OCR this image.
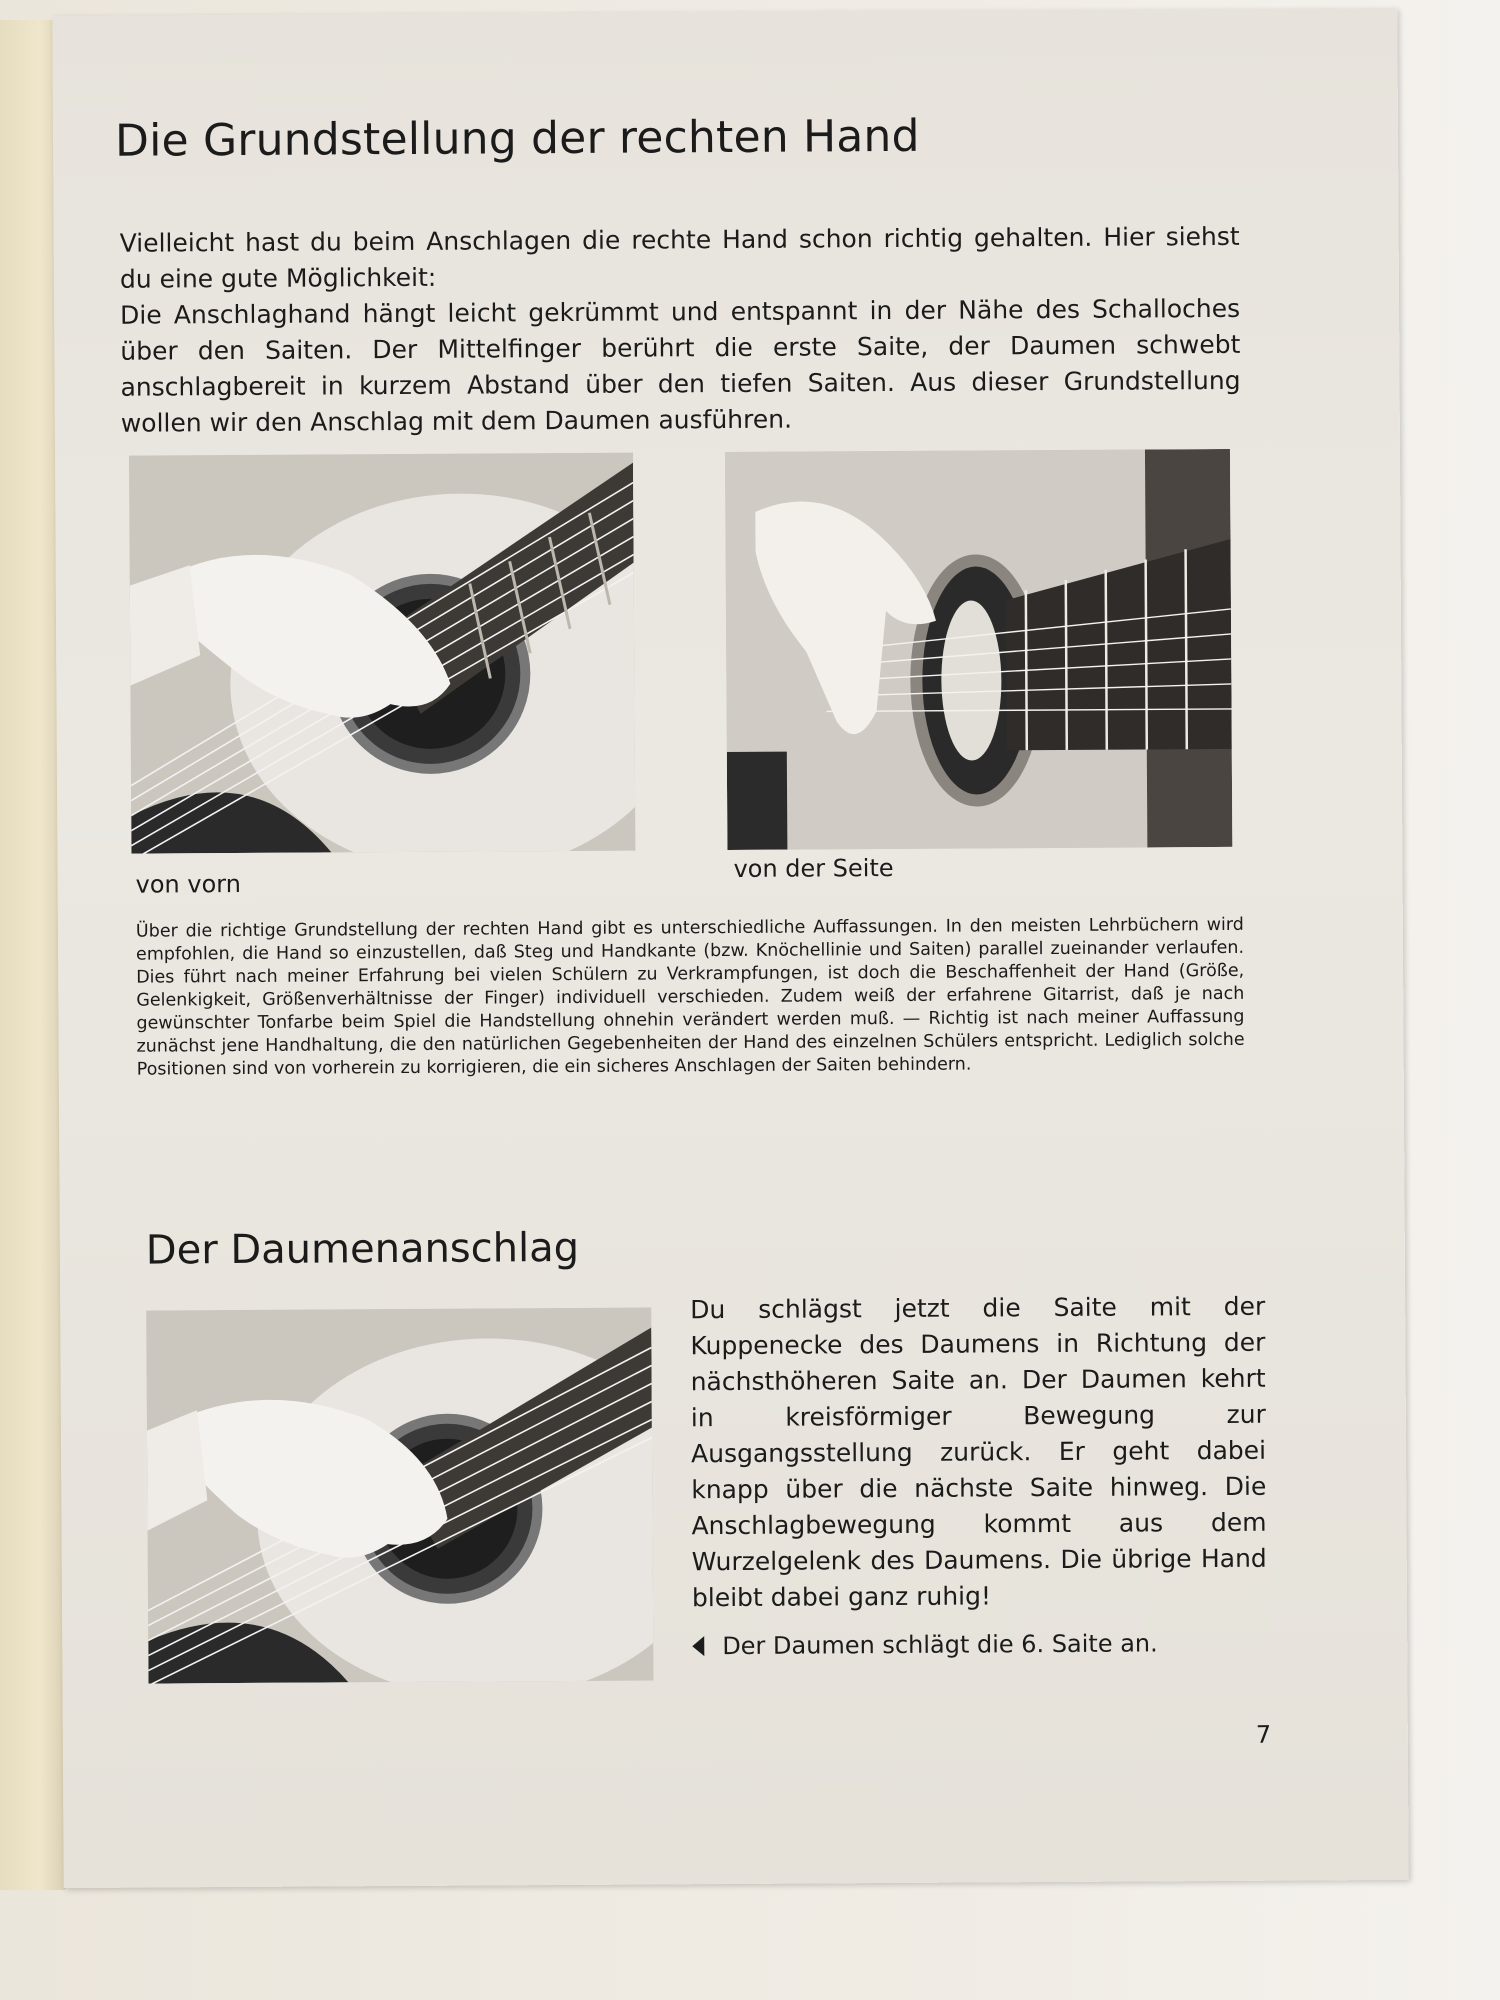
Die Grundstellung der rechten Hand

Vielleicht hast du beim Anschlagen die rechte Hand schon richtig gehalten. Hier siehst du eine gute Möglichkeit:

Die Anschlaghand hängt leicht gekrümmt und entspannt in der Nähe des Schalloches über den Saiten. Der Mittelfinger berührt die erste Saite, der Daumen schwebt anschlagbereit in kurzem Abstand über den tiefen Saiten. Aus dieser Grundstellung wollen wir den Anschlag mit dem Daumen ausführen.

von vorn

von der Seite

Über die richtige Grundstellung der rechten Hand gibt es unterschiedliche Auffassungen. In den meisten Lehrbüchern wird empfohlen, die Hand so einzustellen, daß Steg und Handkante (bzw. Knöchellinie und Saiten) parallel zueinander verlaufen. Dies führt nach meiner Erfahrung bei vielen Schülern zu Verkrampfungen, ist doch die Beschaffenheit der Hand (Größe, Gelenkigkeit, Größenverhältnisse der Finger) individuell verschieden. Zudem weiß der erfahrene Gitarrist, daß je nach gewünschter Tonfarbe beim Spiel die Handstellung ohnehin verändert werden muß. — Richtig ist nach meiner Auffassung zunächst jene Handhaltung, die den natürlichen Gegebenheiten der Hand des einzelnen Schülers entspricht. Lediglich solche Positionen sind von vorherein zu korrigieren, die ein sicheres Anschlagen der Saiten behindern.

Der Daumenanschlag

Du schlägst jetzt die Saite mit der Kuppenecke des Daumens in Richtung der nächsthöheren Saite an. Der Daumen kehrt in kreisförmiger Bewegung zur Ausgangsstellung zurück. Er geht dabei knapp über die nächste Saite hinweg. Die Anschlagbewegung kommt aus dem Wurzelgelenk des Daumens. Die übrige Hand bleibt dabei ganz ruhig!

Der Daumen schlägt die 6. Saite an.

7
